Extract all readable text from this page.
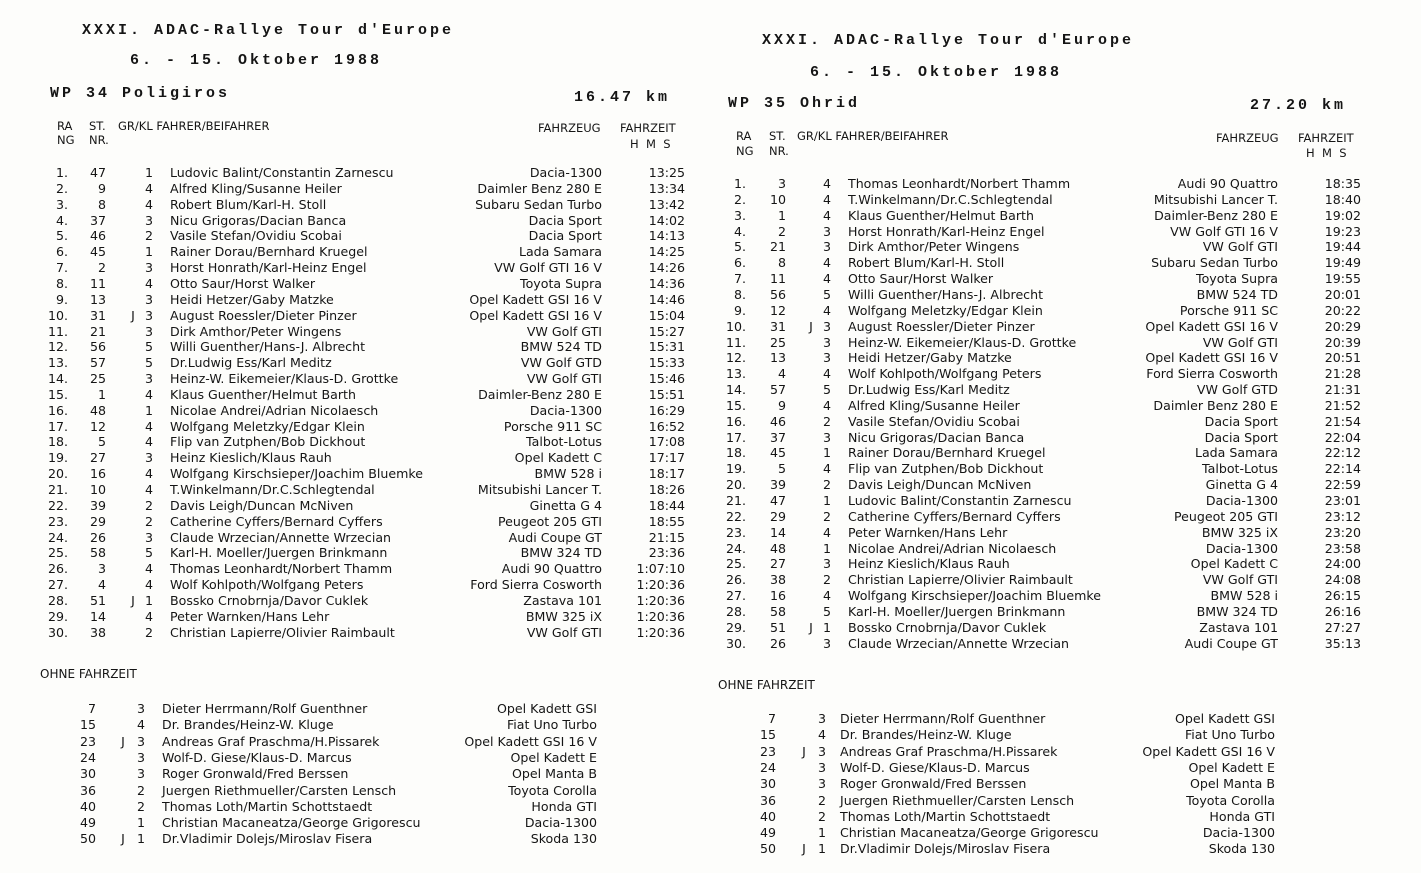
XXXI. ADAC-Rallye Tour d'Europe
6. - 15. Oktober 1988
WP 34 Poligiros	16.47 km
RA
NG
ST.
NR.
GR/KL FAHRER/BEIFAHRER	FAHRZEUG FAHRZEIT
H  M  S
1.	47	1 Ludovic Balint/Constantin Zarnescu	Dacia-1300	13:25
2.	9	4 Alfred Kling/Susanne Heiler	Daimler Benz 280 E	13:34
3.	8	4 Robert Blum/Karl-H. Stoll	Subaru Sedan Turbo	13:42
4.	37	3 Nicu Grigoras/Dacian Banca	Dacia Sport	14:02
5.	46	2 Vasile Stefan/Ovidiu Scobai	Dacia Sport	14:13
6.	45	1 Rainer Dorau/Bernhard Kruegel	Lada Samara	14:25
7.	2	3 Horst Honrath/Karl-Heinz Engel	VW Golf GTI 16 V	14:26
8.	11	4 Otto Saur/Horst Walker	Toyota Supra	14:36
9.	13	3 Heidi Hetzer/Gaby Matzke	Opel Kadett GSI 16 V	14:46
10.	31 J 3 August Roessler/Dieter Pinzer	Opel Kadett GSI 16 V	15:04
11.	21	3 Dirk Amthor/Peter Wingens	VW Golf GTI	15:27
12.	56	5 Willi Guenther/Hans-J. Albrecht	BMW 524 TD	15:31
13.	57	5 Dr.Ludwig Ess/Karl Meditz	VW Golf GTD	15:33
14.	25	3 Heinz-W. Eikemeier/Klaus-D. Grottke	VW Golf GTI	15:46
15.	1	4 Klaus Guenther/Helmut Barth	Daimler-Benz 280 E	15:51
16.	48	1 Nicolae Andrei/Adrian Nicolaesch	Dacia-1300	16:29
17.	12	4 Wolfgang Meletzky/Edgar Klein	Porsche 911 SC	16:52
18.	5	4 Flip van Zutphen/Bob Dickhout	Talbot-Lotus	17:08
19.	27	3 Heinz Kieslich/Klaus Rauh	Opel Kadett C	17:17
20.	16	4 Wolfgang Kirschsieper/Joachim Bluemke	BMW 528 i	18:17
21.	10	4 T.Winkelmann/Dr.C.Schlegtendal	Mitsubishi Lancer T.	18:26
22.	39	2 Davis Leigh/Duncan McNiven	Ginetta G 4	18:44
23.	29	2 Catherine Cyffers/Bernard Cyffers	Peugeot 205 GTI	18:55
24.	26	3 Claude Wrzecian/Annette Wrzecian	Audi Coupe GT	21:15
25.	58	5 Karl-H. Moeller/Juergen Brinkmann	BMW 324 TD	23:36
26.	3	4 Thomas Leonhardt/Norbert Thamm	Audi 90 Quattro	1:07:10
27.	4	4 Wolf Kohlpoth/Wolfgang Peters	Ford Sierra Cosworth	1:20:36
28.	51 J 1 Bossko Crnobrnja/Davor Cuklek	Zastava 101	1:20:36
29.	14	4 Peter Warnken/Hans Lehr	BMW 325 iX	1:20:36
30.	38	2 Christian Lapierre/Olivier Raimbault	VW Golf GTI	1:20:36
OHNE FAHRZEIT
7	3 Dieter Herrmann/Rolf Guenthner	Opel Kadett GSI
15	4 Dr. Brandes/Heinz-W. Kluge	Fiat Uno Turbo
23 J 3 Andreas Graf Praschma/H.Pissarek	Opel Kadett GSI 16 V
24	3 Wolf-D. Giese/Klaus-D. Marcus	Opel Kadett E
30	3 Roger Gronwald/Fred Berssen	Opel Manta B
36	2 Juergen Riethmueller/Carsten Lensch	Toyota Corolla
40	2 Thomas Loth/Martin Schottstaedt	Honda GTI
49	1 Christian Macaneatza/George Grigorescu	Dacia-1300
50 J 1 Dr.Vladimir Dolejs/Miroslav Fisera	Skoda 130
XXXI. ADAC-Rallye Tour d'Europe
6. - 15. Oktober 1988
WP 35 Ohrid	27.20 km
RA
NG
ST.
NR.
GR/KL FAHRER/BEIFAHRER	FAHRZEUG FAHRZEIT
H  M  S
1.	3	4 Thomas Leonhardt/Norbert Thamm	Audi 90 Quattro	18:35
2.	10	4 T.Winkelmann/Dr.C.Schlegtendal	Mitsubishi Lancer T.	18:40
3.	1	4 Klaus Guenther/Helmut Barth	Daimler-Benz 280 E	19:02
4.	2	3 Horst Honrath/Karl-Heinz Engel	VW Golf GTI 16 V	19:23
5.	21	3 Dirk Amthor/Peter Wingens	VW Golf GTI	19:44
6.	8	4 Robert Blum/Karl-H. Stoll	Subaru Sedan Turbo	19:49
7.	11	4 Otto Saur/Horst Walker	Toyota Supra	19:55
8.	56	5 Willi Guenther/Hans-J. Albrecht	BMW 524 TD	20:01
9.	12	4 Wolfgang Meletzky/Edgar Klein	Porsche 911 SC	20:22
10.	31 J 3 August Roessler/Dieter Pinzer	Opel Kadett GSI 16 V	20:29
11.	25	3 Heinz-W. Eikemeier/Klaus-D. Grottke	VW Golf GTI	20:39
12.	13	3 Heidi Hetzer/Gaby Matzke	Opel Kadett GSI 16 V	20:51
13.	4	4 Wolf Kohlpoth/Wolfgang Peters	Ford Sierra Cosworth	21:28
14.	57	5 Dr.Ludwig Ess/Karl Meditz	VW Golf GTD	21:31
15.	9	4 Alfred Kling/Susanne Heiler	Daimler Benz 280 E	21:52
16.	46	2 Vasile Stefan/Ovidiu Scobai	Dacia Sport	21:54
17.	37	3 Nicu Grigoras/Dacian Banca	Dacia Sport	22:04
18.	45	1 Rainer Dorau/Bernhard Kruegel	Lada Samara	22:12
19.	5	4 Flip van Zutphen/Bob Dickhout	Talbot-Lotus	22:14
20.	39	2 Davis Leigh/Duncan McNiven	Ginetta G 4	22:59
21.	47	1 Ludovic Balint/Constantin Zarnescu	Dacia-1300	23:01
22.	29	2 Catherine Cyffers/Bernard Cyffers	Peugeot 205 GTI	23:12
23.	14	4 Peter Warnken/Hans Lehr	BMW 325 iX	23:20
24.	48	1 Nicolae Andrei/Adrian Nicolaesch	Dacia-1300	23:58
25.	27	3 Heinz Kieslich/Klaus Rauh	Opel Kadett C	24:00
26.	38	2 Christian Lapierre/Olivier Raimbault	VW Golf GTI	24:08
27.	16	4 Wolfgang Kirschsieper/Joachim Bluemke	BMW 528 i	26:15
28.	58	5 Karl-H. Moeller/Juergen Brinkmann	BMW 324 TD	26:16
29.	51 J 1 Bossko Crnobrnja/Davor Cuklek	Zastava 101	27:27
30.	26	3 Claude Wrzecian/Annette Wrzecian	Audi Coupe GT	35:13
OHNE FAHRZEIT
7	3 Dieter Herrmann/Rolf Guenthner	Opel Kadett GSI
15	4 Dr. Brandes/Heinz-W. Kluge	Fiat Uno Turbo
23 J 3 Andreas Graf Praschma/H.Pissarek	Opel Kadett GSI 16 V
24	3 Wolf-D. Giese/Klaus-D. Marcus	Opel Kadett E
30	3 Roger Gronwald/Fred Berssen	Opel Manta B
36	2 Juergen Riethmueller/Carsten Lensch	Toyota Corolla
40	2 Thomas Loth/Martin Schottstaedt	Honda GTI
49	1 Christian Macaneatza/George Grigorescu	Dacia-1300
50 J 1 Dr.Vladimir Dolejs/Miroslav Fisera	Skoda 130
